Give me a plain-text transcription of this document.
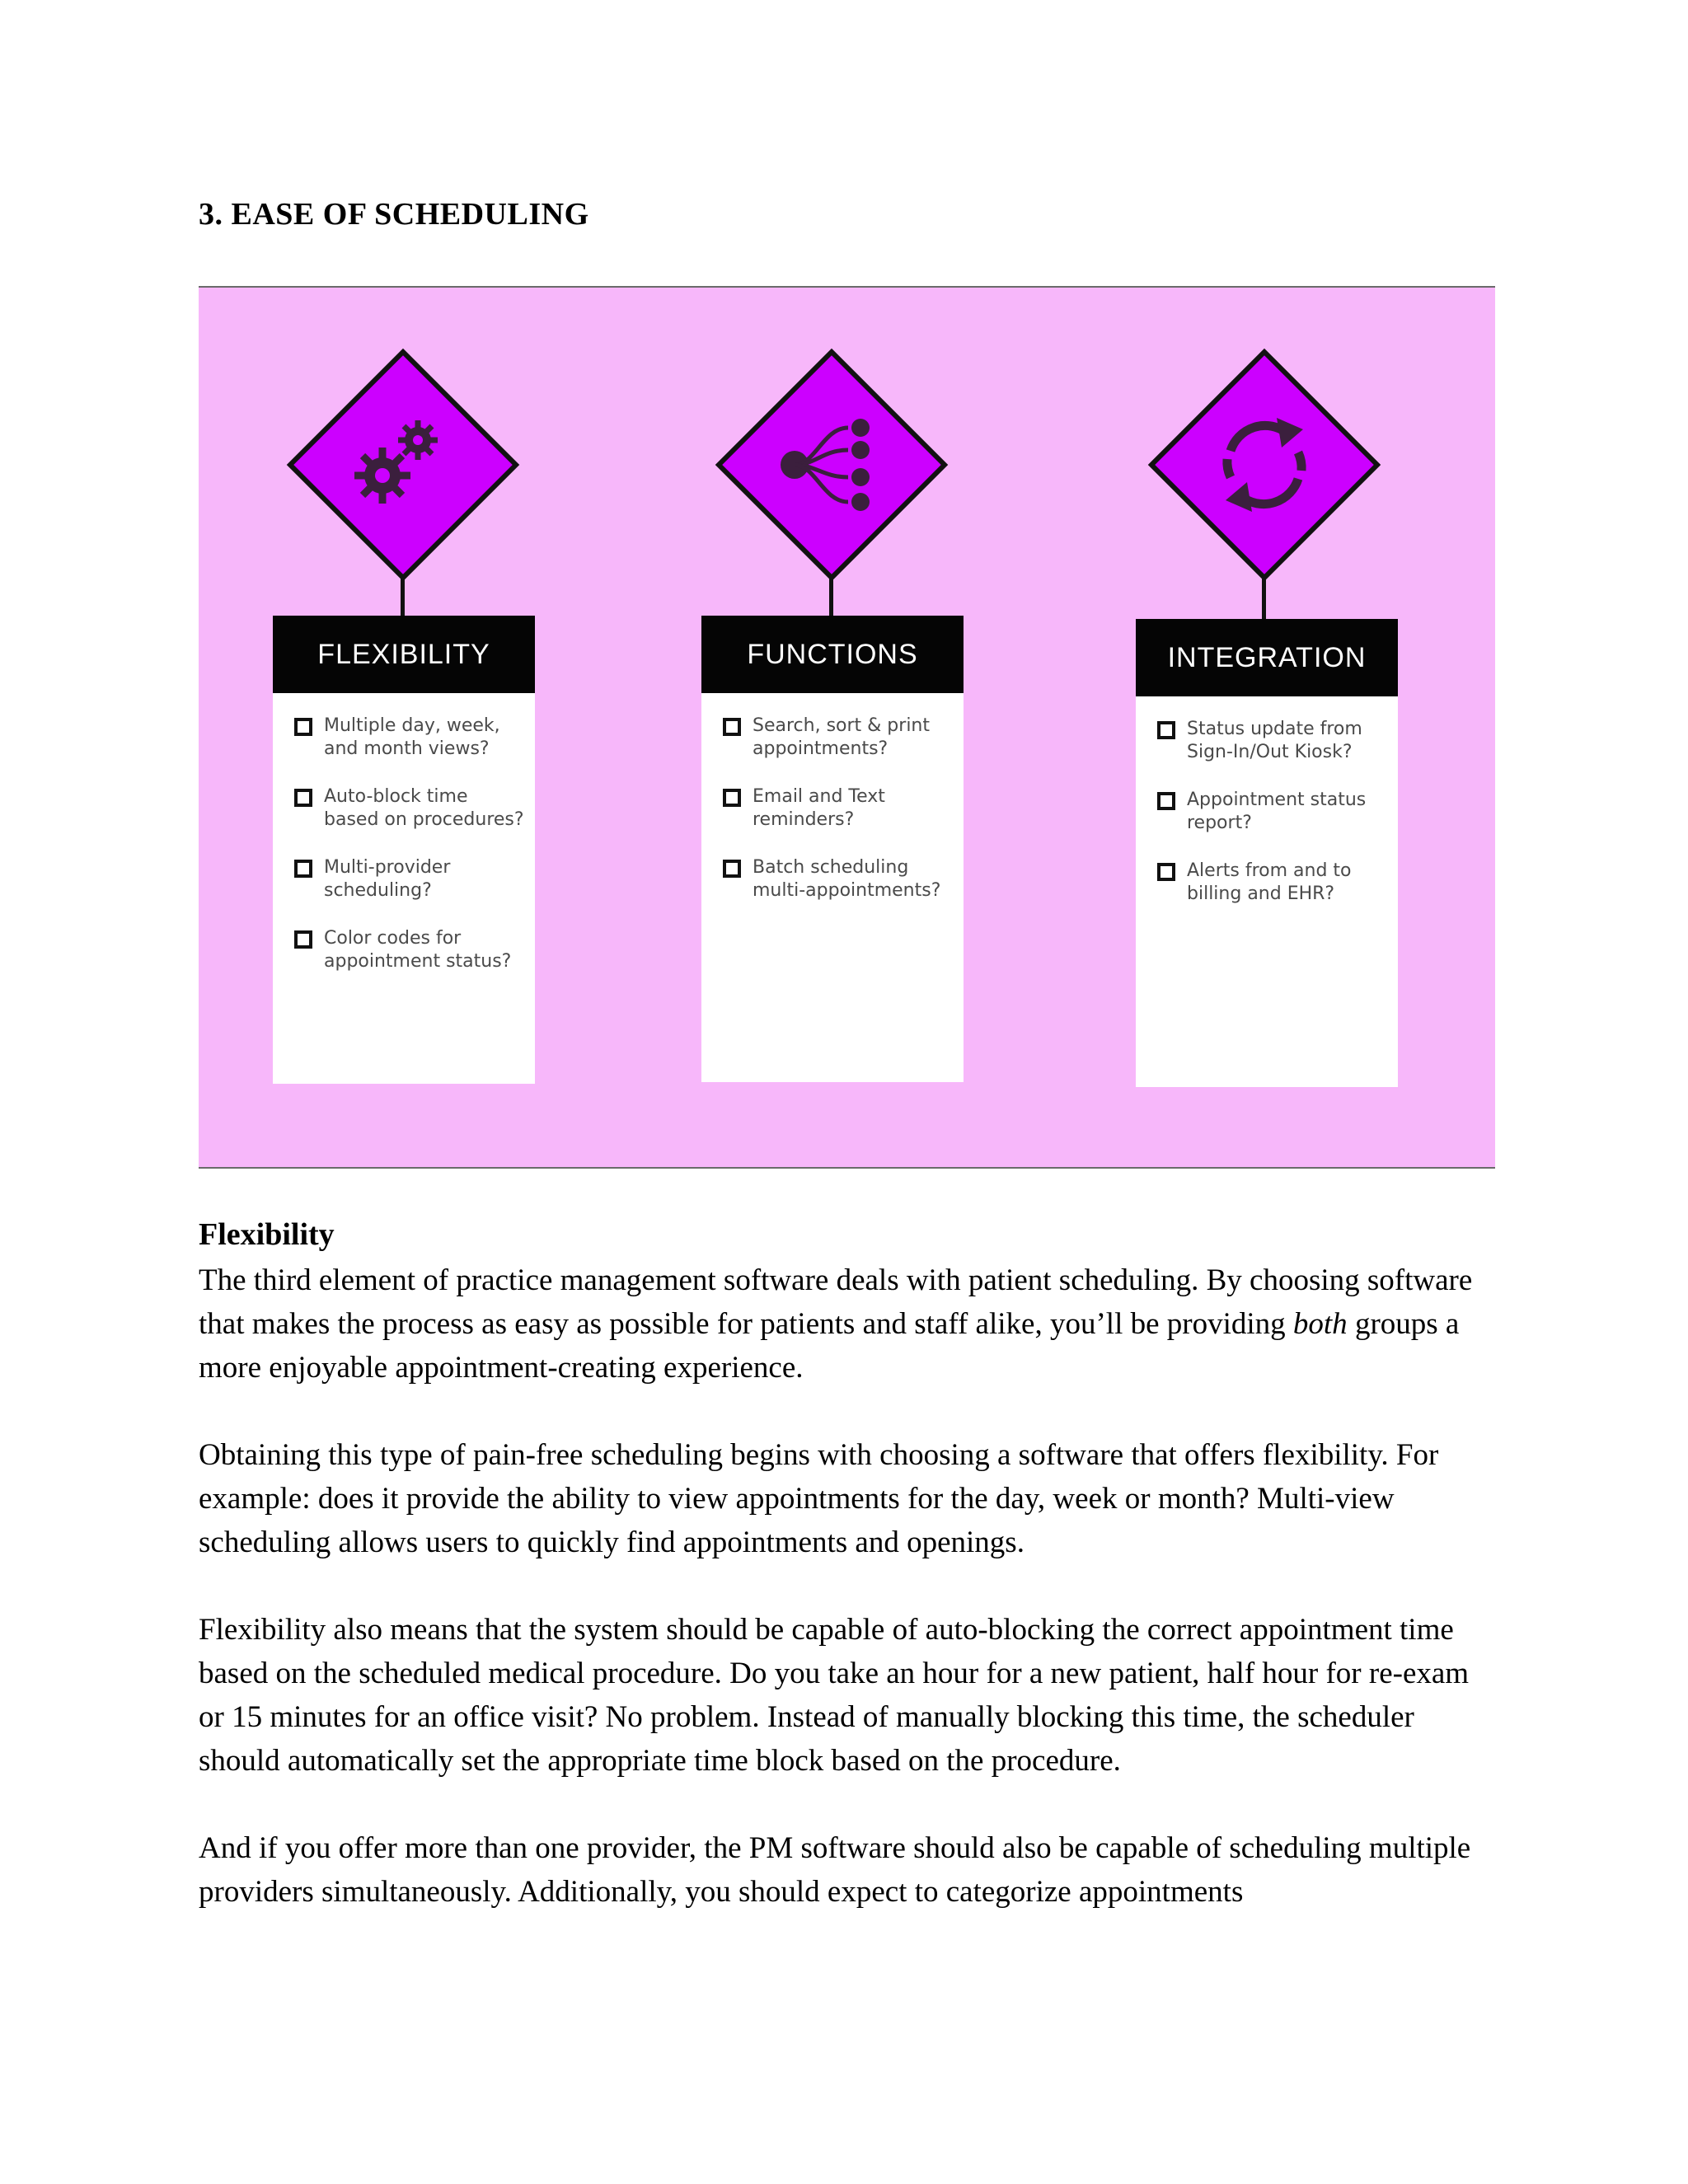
3. EASE OF SCHEDULING
FLEXIBILITY
Multiple day, week,
and month views?
Auto-block time
based on procedures?
Multi-provider
scheduling?
Color codes for
appointment status?
FUNCTIONS
Search, sort & print
appointments?
Email and Text
reminders?
Batch scheduling
multi-appointments?
INTEGRATION
Status update from
Sign-In/Out Kiosk?
Appointment status
report?
Alerts from and to
billing and EHR?
Flexibility

The third element of practice management software deals with patient scheduling. By choosing software that makes the process as easy as possible for patients and staff alike, you’ll be providing both groups a more enjoyable appointment-creating experience.

Obtaining this type of pain-free scheduling begins with choosing a software that offers flexibility. For example: does it provide the ability to view appointments for the day, week or month? Multi-view scheduling allows users to quickly find appointments and openings.

Flexibility also means that the system should be capable of auto-blocking the correct appointment time based on the scheduled medical procedure. Do you take an hour for a new patient, half hour for re-exam or 15 minutes for an office visit? No problem. Instead of manually blocking this time, the scheduler should automatically set the appropriate time block based on the procedure.

And if you offer more than one provider, the PM software should also be capable of scheduling multiple providers simultaneously. Additionally, you should expect to categorize appointments
